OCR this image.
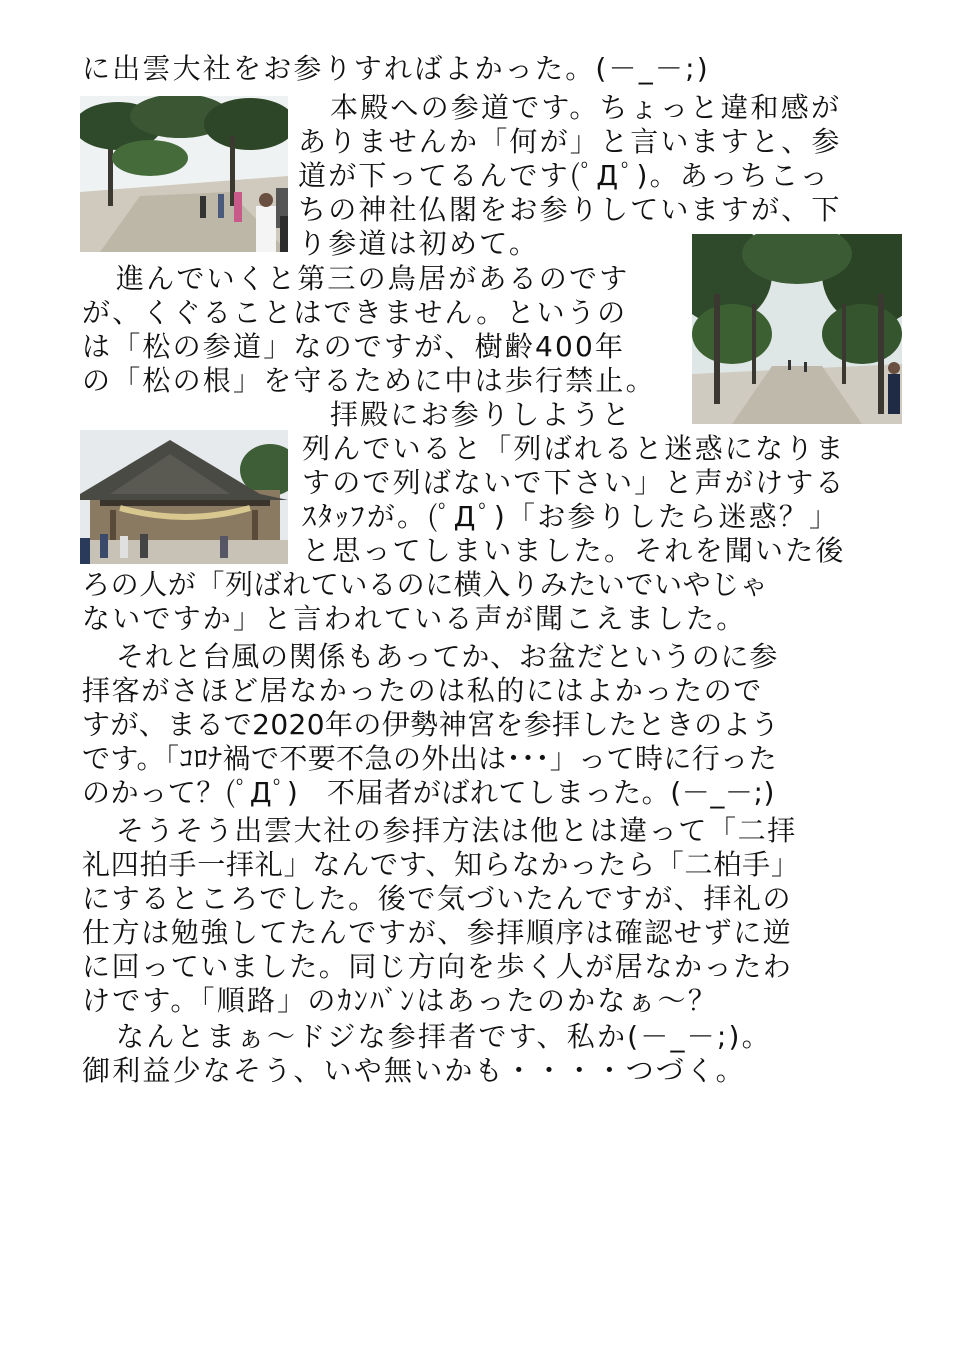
に出雲大社をお参りすればよかった。(－_－;)
本殿への参道です。ちょっと違和感が
ありませんか「何が」と言いますと、参
道が下ってるんです(ﾟДﾟ)。あっちこっ
ちの神社仏閣をお参りしていますが、下
り参道は初めて。
進んでいくと第三の鳥居があるのです
が、くぐることはできません。というの
は「松の参道」なのですが、樹齢400年
の「松の根」を守るために中は歩行禁止。
拝殿にお参りしようと
列んでいると「列ばれると迷惑になりま
すので列ばないで下さい」と声がけする
ｽﾀｯﾌが。(ﾟДﾟ)「お参りしたら迷惑？」
と思ってしまいました。それを聞いた後
ろの人が「列ばれているのに横入りみたいでいやじゃ
ないですか」と言われている声が聞こえました。
それと台風の関係もあってか、お盆だというのに参
拝客がさほど居なかったのは私的にはよかったので
すが、まるで2020年の伊勢神宮を参拝したときのよう
です。「ｺﾛﾅ禍で不要不急の外出は･･･」って時に行った
のかって？(ﾟДﾟ)　不届者がばれてしまった。(－_－;)
そうそう出雲大社の参拝方法は他とは違って「二拝
礼四拍手一拝礼」なんです、知らなかったら「二柏手」
にするところでした。後で気づいたんですが、拝礼の
仕方は勉強してたんですが、参拝順序は確認せずに逆
に回っていました。同じ方向を歩く人が居なかったわ
けです。「順路」のｶﾝﾊﾞﾝはあったのかなぁ～？
なんとまぁ～ドジな参拝者です、私か(－_－;)。
御利益少なそう、いや無いかも・・・・つづく。
